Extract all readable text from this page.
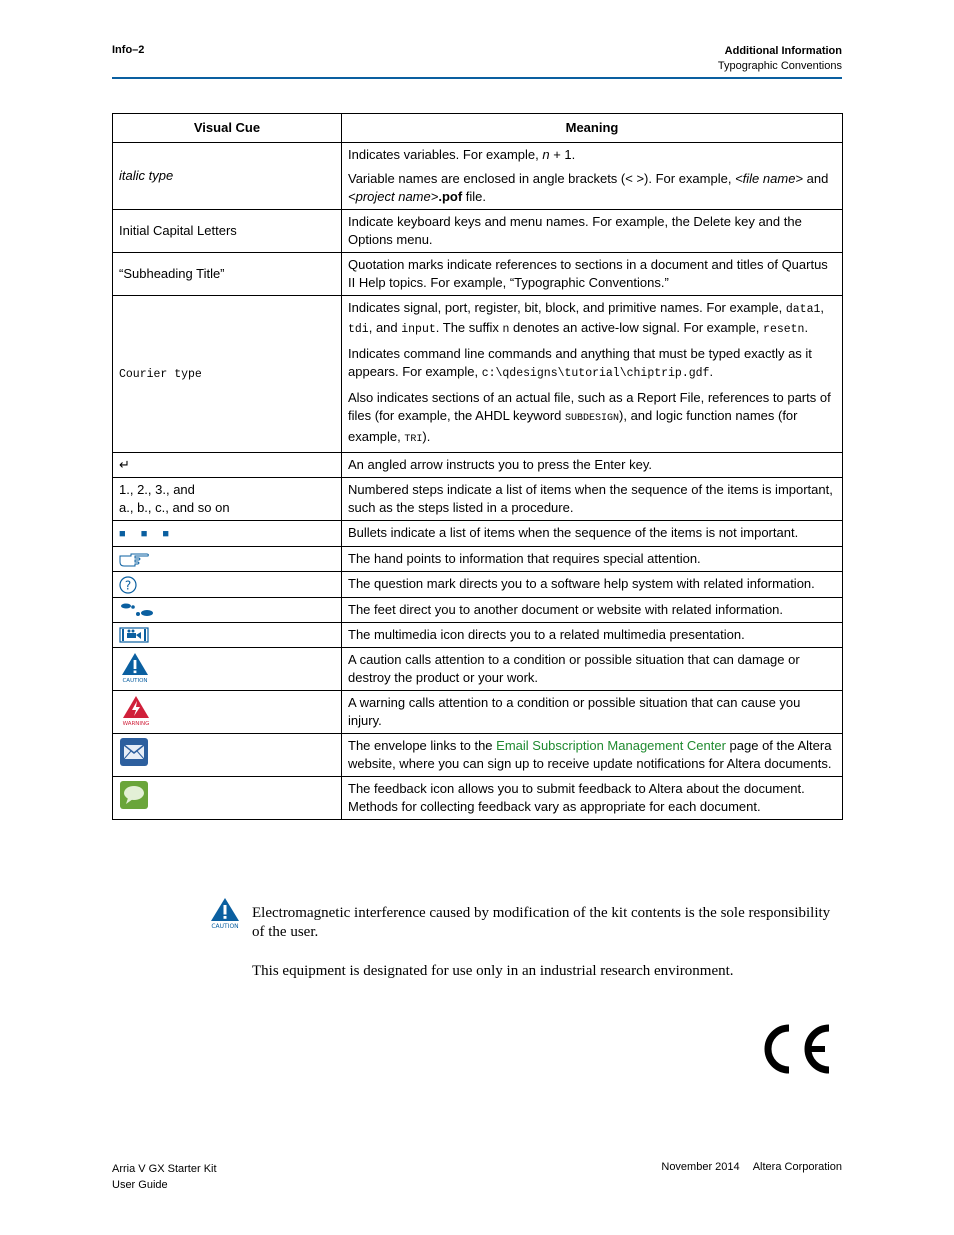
Info–2	Additional Information
Typographic Conventions
Visual Cue	Meaning
italic type	Indicates variables. For example, n + 1.

Variable names are enclosed in angle brackets (< >). For example, <file name> and <project name>.pof file.

Initial Capital Letters	Indicate keyboard keys and menu names. For example, the Delete key and the Options menu.
“Subheading Title”	Quotation marks indicate references to sections in a document and titles of Quartus II Help topics. For example, “Typographic Conventions.”
Courier type	Indicates signal, port, register, bit, block, and primitive names. For example, data1, tdi, and input. The suffix n denotes an active-low signal. For example, resetn.

Indicates command line commands and anything that must be typed exactly as it appears. For example, c:\qdesigns\tutorial\chiptrip.gdf.

Also indicates sections of an actual file, such as a Report File, references to parts of files (for example, the AHDL keyword SUBDESIGN), and logic function names (for example, TRI).

↵	An angled arrow instructs you to press the Enter key.

1., 2., 3., and
a., b., c., and so on	Numbered steps indicate a list of items when the sequence of the items is important, such as the steps listed in a procedure.
■ ■ ■	Bullets indicate a list of items when the sequence of the items is not important.
	The hand points to information that requires special attention.

?	The question mark directs you to a software help system with related information.
	The feet direct you to another document or website with related information.
	The multimedia icon directs you to a related multimedia presentation.

CAUTION	A caution calls attention to a condition or possible situation that can damage or destroy the product or your work.

WARNING	A warning calls attention to a condition or possible situation that can cause you injury.
	The envelope links to the Email Subscription Management Center page of the Altera website, where you can sign up to receive update notifications for Altera documents.
	The feedback icon allows you to submit feedback to Altera about the document. Methods for collecting feedback vary as appropriate for each document.
CAUTION

Electromagnetic interference caused by modification of the kit contents is the sole responsibility of the user.

This equipment is designated for use only in an industrial research environment.

Arria V GX Starter Kit
User Guide
November 2014 Altera Corporation
